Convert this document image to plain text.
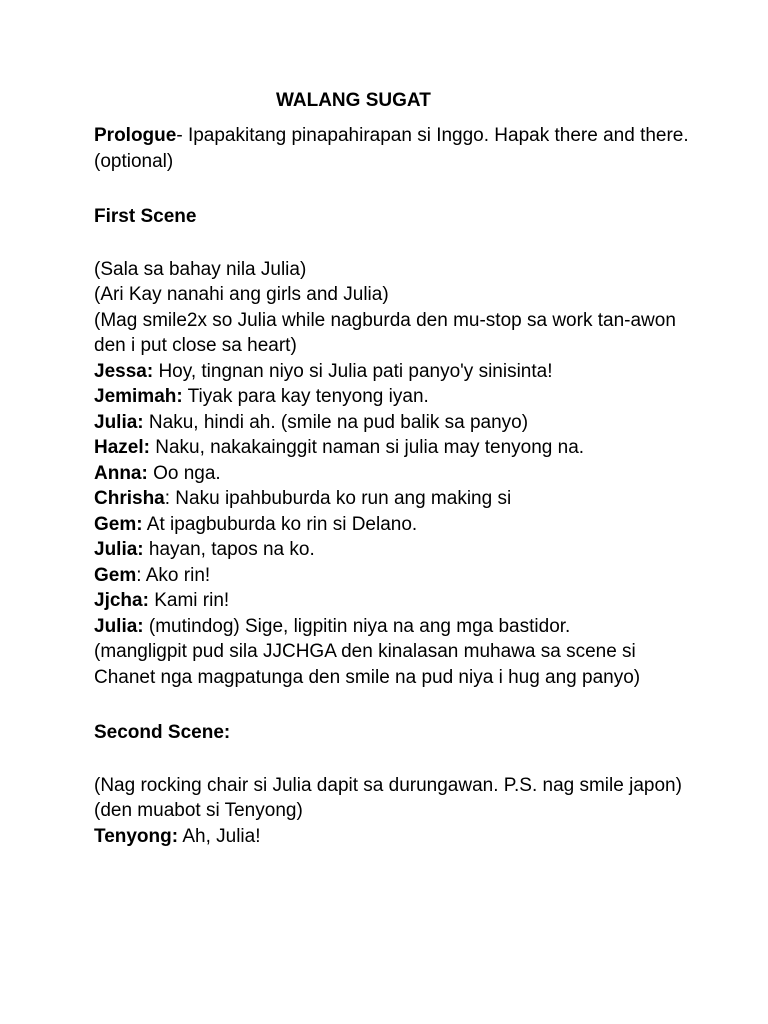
WALANG SUGAT

Prologue- Ipapakitang pinapahirapan si Inggo. Hapak there and there. (optional)

First Scene

(Sala sa bahay nila Julia)

(Ari Kay nanahi ang girls and Julia)

(Mag smile2x so Julia while nagburda den mu-stop sa work tan-awon den i put close sa heart)

Jessa: Hoy, tingnan niyo si Julia pati panyo'y sinisinta!

Jemimah: Tiyak para kay tenyong iyan.

Julia: Naku, hindi ah. (smile na pud balik sa panyo)

Hazel: Naku, nakakainggit naman si julia may tenyong na.

Anna: Oo nga.

Chrisha: Naku ipahbuburda ko run ang making si

Gem: At ipagbuburda ko rin si Delano.

Julia: hayan, tapos na ko.

Gem: Ako rin!

Jjcha: Kami rin!

Julia: (mutindog) Sige, ligpitin niya na ang mga bastidor.

(mangligpit pud sila JJCHGA den kinalasan muhawa sa scene si Chanet nga magpatunga den smile na pud niya i hug ang panyo)

Second Scene:

(Nag rocking chair si Julia dapit sa durungawan. P.S. nag smile japon)

(den muabot si Tenyong)

Tenyong: Ah, Julia!
